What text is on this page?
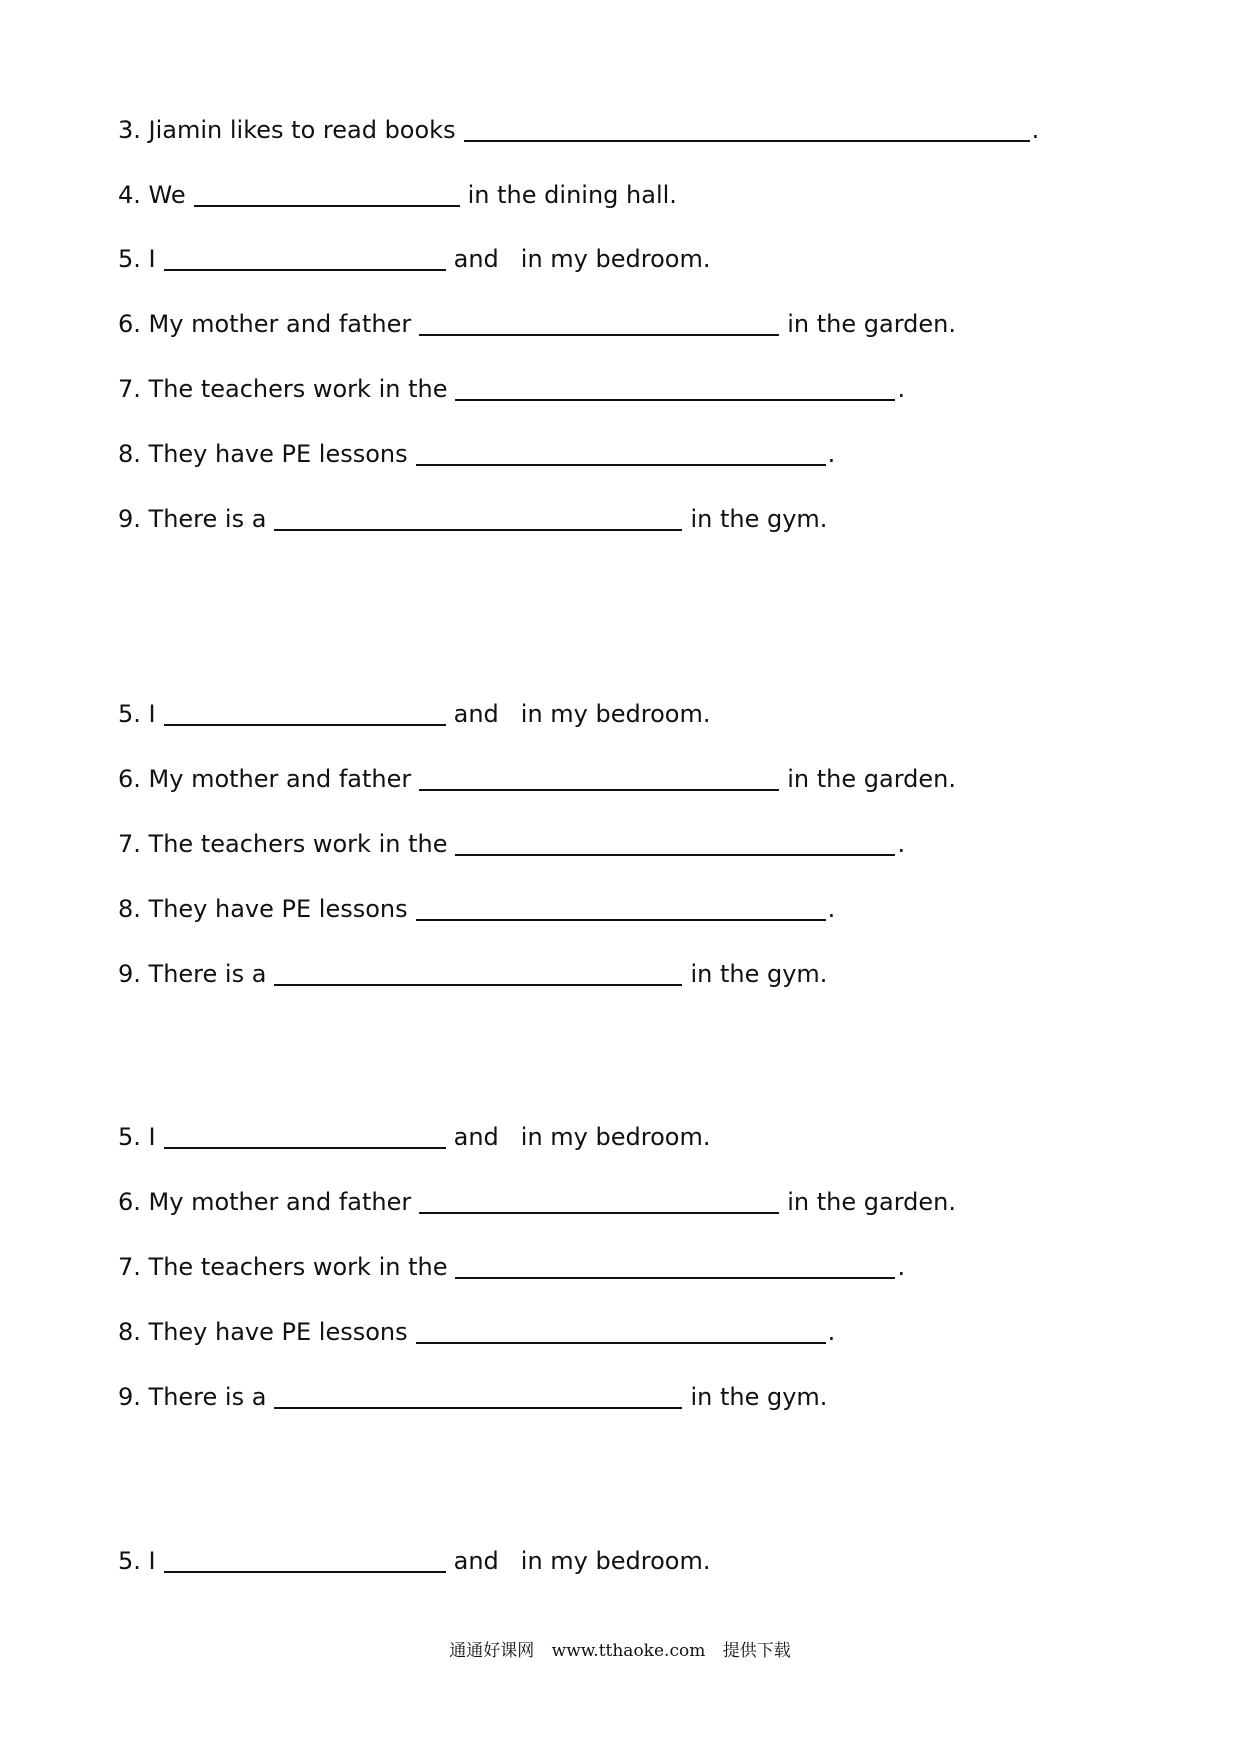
3.
Jiamin likes to read books	.
4.
We	in the dining hall.
5.
I	and in my bedroom.
6.
My mother and father	in the garden.
7.
The teachers work in the	.
8.
They have PE lessons	.
9.
There is a	in the gym.
5.
I	and in my bedroom.
6.
My mother and father	in the garden.
7.
The teachers work in the	.
8.
They have PE lessons	.
9.
There is a	in the gym.
5.
I	and in my bedroom.
6.
My mother and father	in the garden.
7.
The teachers work in the	.
8.
They have PE lessons	.
9.
There is a	in the gym.
5.
I	and in my bedroom.
通通好课网 www.tthaoke.com 提供下载
